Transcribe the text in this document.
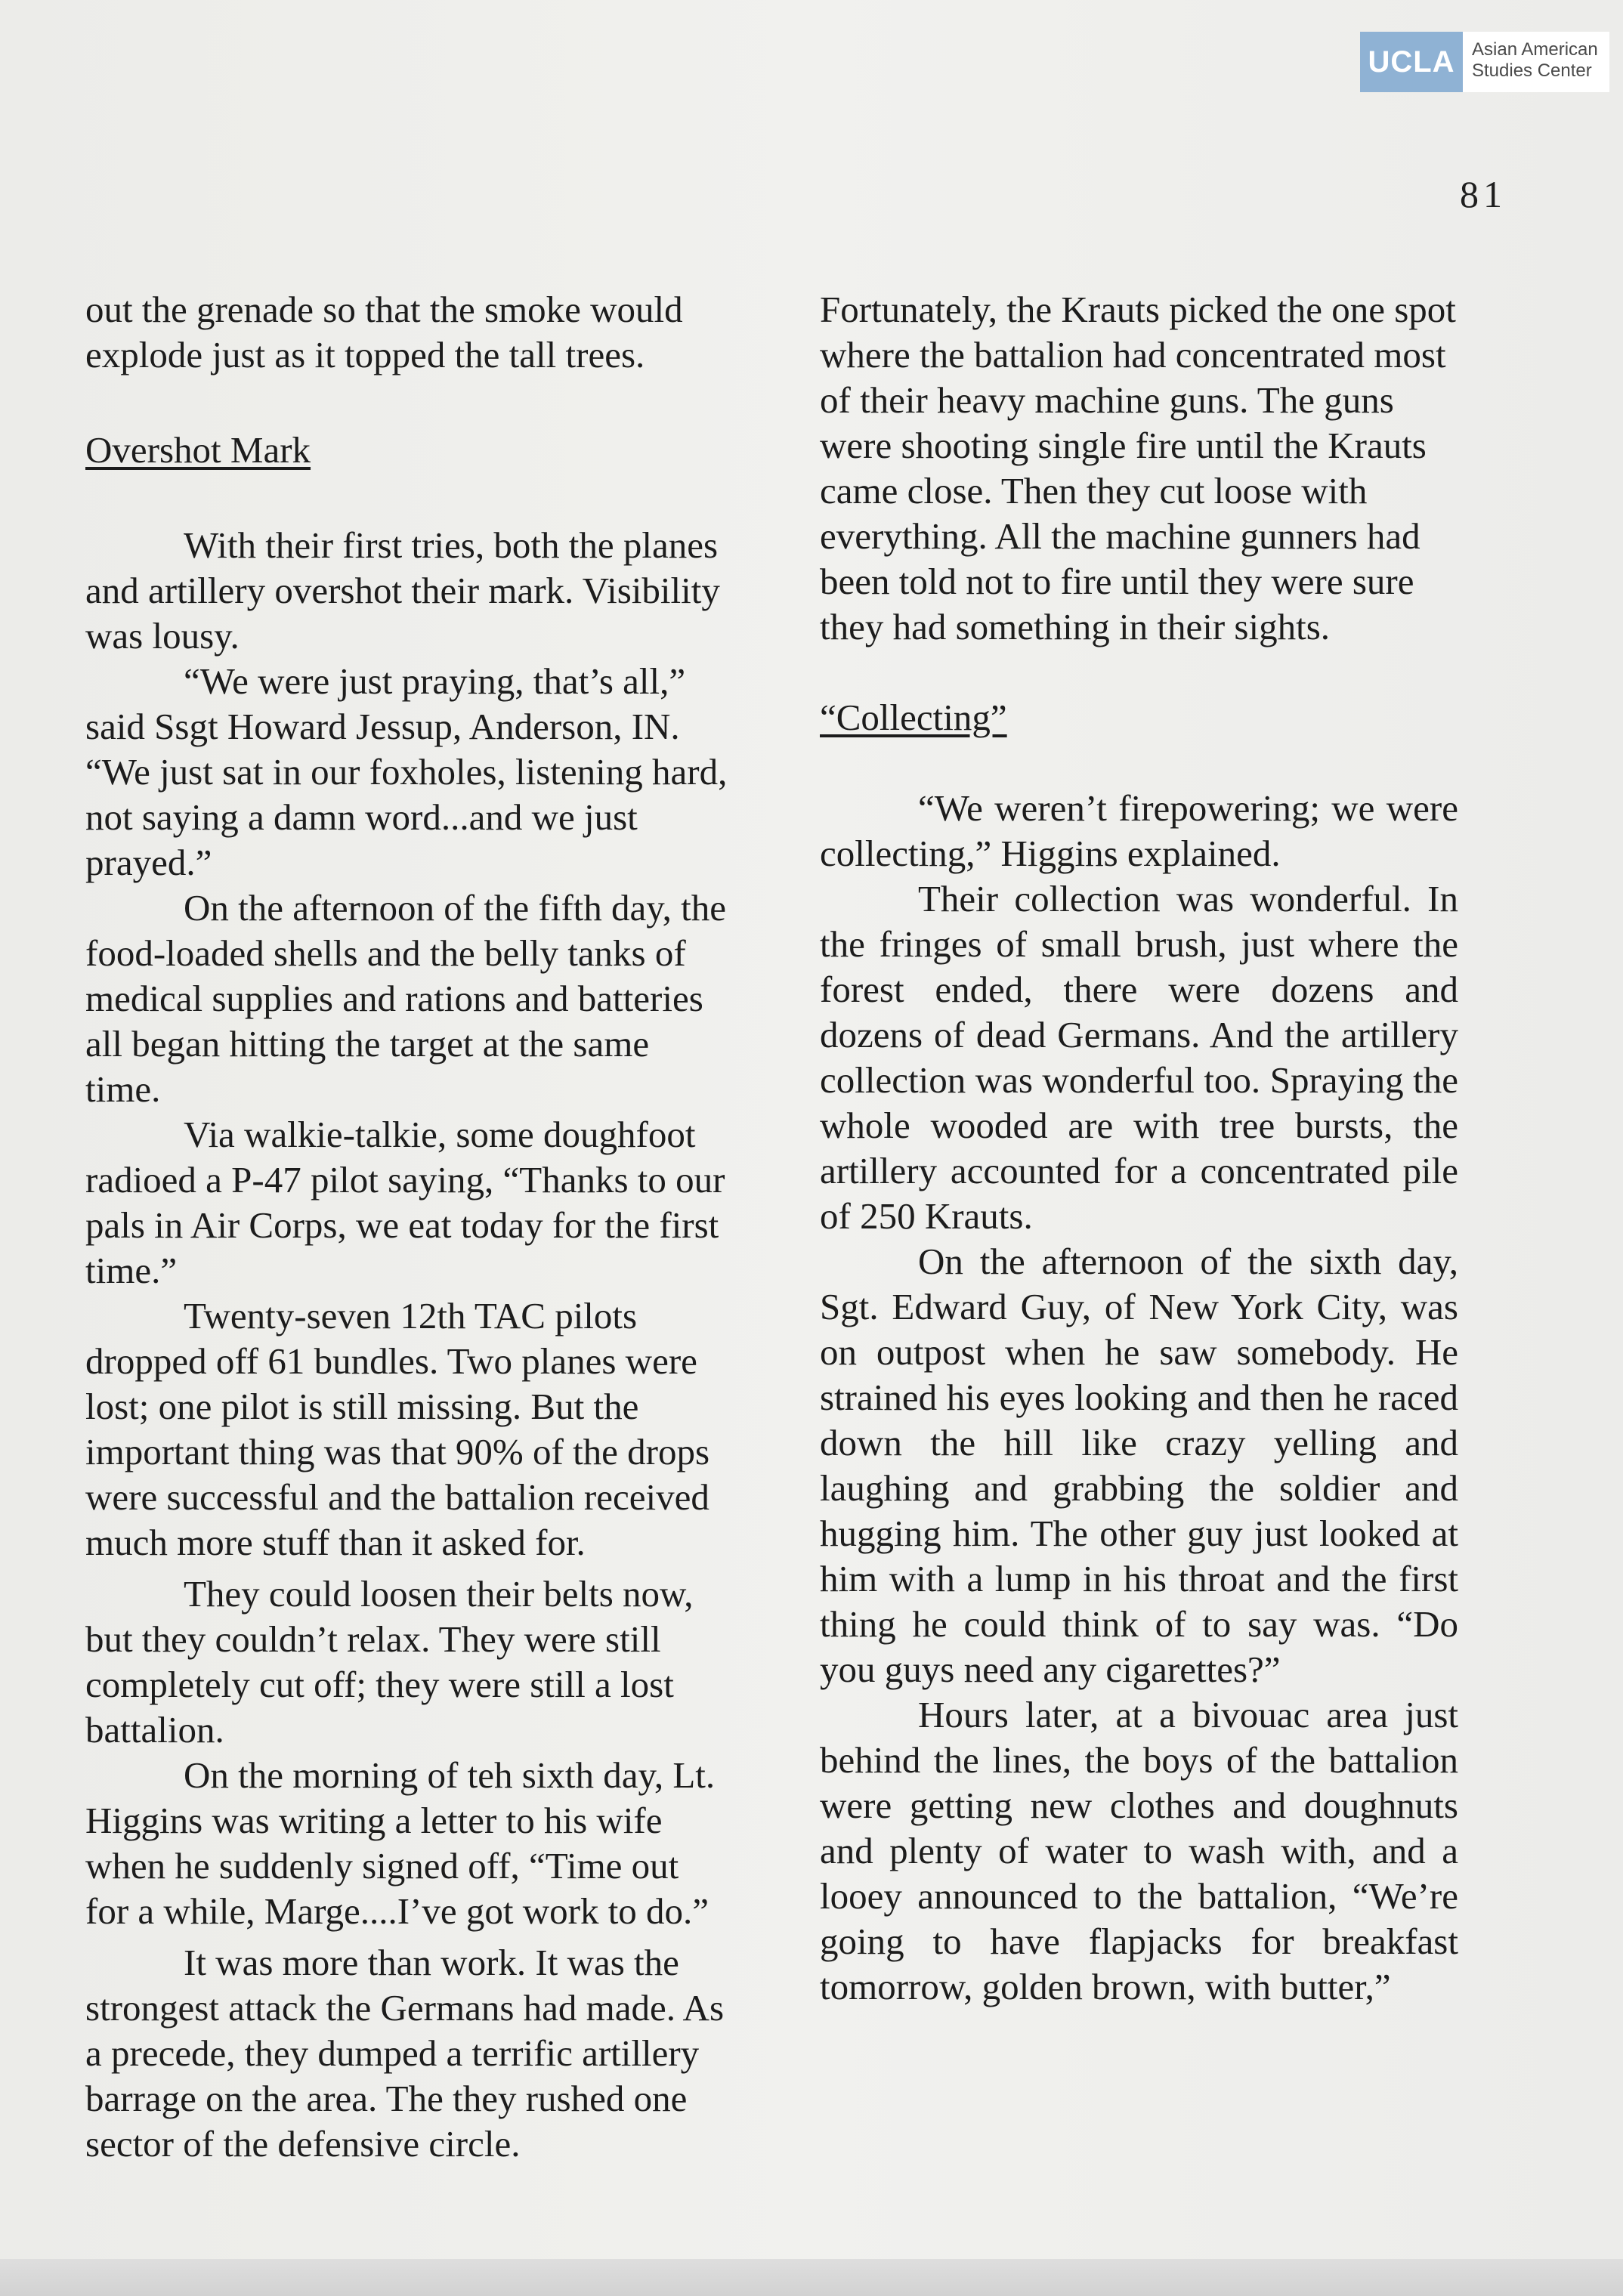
UCLA Asian American
Studies Center
81

out the grenade so that the smoke would explode just as it topped the tall trees.

Overshot Mark

With their first tries, both the planes and artillery overshot their mark. Visibility was lousy.

“We were just praying, that’s all,” said Ssgt Howard Jessup, Anderson, IN. “We just sat in our foxholes, listening hard, not saying a damn word...and we just prayed.”

On the afternoon of the fifth day, the food-loaded shells and the belly tanks of medical supplies and rations and batteries all began hitting the target at the same time.

Via walkie-talkie, some doughfoot radioed a P-47 pilot saying, “Thanks to our pals in Air Corps, we eat today for the first time.”

Twenty-seven 12th TAC pilots dropped off 61 bundles. Two planes were lost; one pilot is still missing. But the important thing was that 90% of the drops were successful and the battalion received much more stuff than it asked for.

They could loosen their belts now, but they couldn’t relax. They were still completely cut off; they were still a lost battalion.

On the morning of teh sixth day, Lt. Higgins was writing a letter to his wife when he suddenly signed off, “Time out for a while, Marge....I’ve got work to do.”

It was more than work. It was the strongest attack the Germans had made. As a precede, they dumped a terrific artillery barrage on the area. The they rushed one sector of the defensive circle.

Fortunately, the Krauts picked the one spot where the battalion had concentrated most of their heavy machine guns. The guns were shooting single fire until the Krauts came close. Then they cut loose with everything. All the machine gunners had been told not to fire until they were sure they had something in their sights.

“Collecting”

“We weren’t firepowering; we were collecting,” Higgins explained.

Their collection was wonderful. In the fringes of small brush, just where the forest ended, there were dozens and dozens of dead Germans. And the artillery collection was wonderful too. Spraying the whole wooded are with tree bursts, the artillery accounted for a concentrated pile of 250 Krauts.

On the afternoon of the sixth day, Sgt. Edward Guy, of New York City, was on outpost when he saw somebody. He strained his eyes looking and then he raced down the hill like crazy yelling and laughing and grabbing the soldier and hugging him. The other guy just looked at him with a lump in his throat and the first thing he could think of to say was. “Do you guys need any cigarettes?”

Hours later, at a bivouac area just behind the lines, the boys of the battalion were getting new clothes and doughnuts and plenty of water to wash with, and a looey announced to the battalion, “We’re going to have flapjacks for breakfast tomorrow, golden brown, with butter,”
